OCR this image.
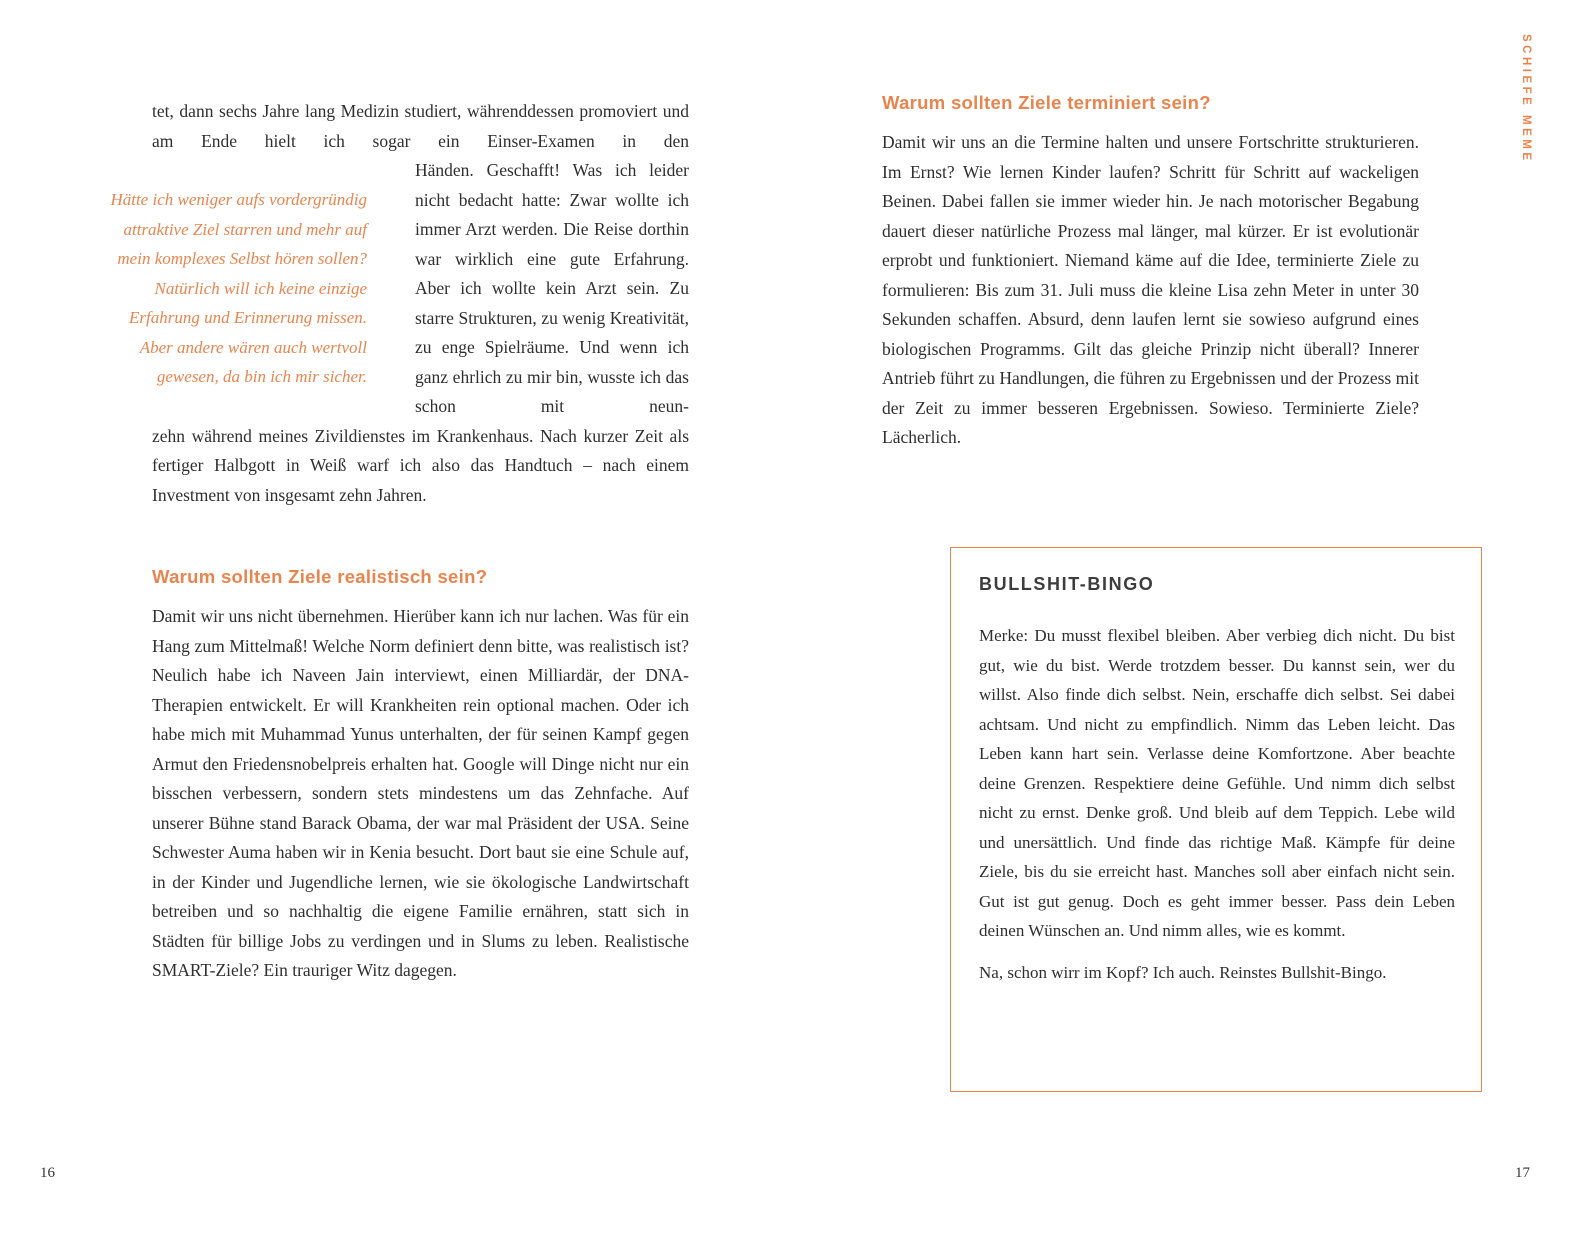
tet, dann sechs Jahre lang Medizin studiert, währenddessen promoviert und am Ende hielt ich sogar ein Einser-Examen in den

Hätte ich weniger aufs vordergründig attraktive Ziel starren und mehr auf mein komplexes Selbst hören sollen? Natürlich will ich keine einzige Erfahrung und Erinnerung missen. Aber andere wären auch wertvoll gewesen, da bin ich mir sicher.
Händen. Geschafft! Was ich leider nicht bedacht hatte: Zwar wollte ich immer Arzt werden. Die Reise dorthin war wirklich eine gute Erfahrung. Aber ich wollte kein Arzt sein. Zu starre Strukturen, zu wenig Kreativität, zu enge Spielräume. Und wenn ich ganz ehrlich zu mir bin, wusste ich das schon mit neun-

zehn während meines Zivildienstes im Krankenhaus. Nach kurzer Zeit als fertiger Halbgott in Weiß warf ich also das Handtuch – nach einem Investment von insgesamt zehn Jahren.

Warum sollten Ziele realistisch sein?

Damit wir uns nicht übernehmen. Hierüber kann ich nur lachen. Was für ein Hang zum Mittelmaß! Welche Norm definiert denn bitte, was realistisch ist? Neulich habe ich Naveen Jain interviewt, einen Milliardär, der DNA-Therapien entwickelt. Er will Krankheiten rein optional machen. Oder ich habe mich mit Muhammad Yunus unterhalten, der für seinen Kampf gegen Armut den Friedensnobelpreis erhalten hat. Google will Dinge nicht nur ein bisschen verbessern, sondern stets mindestens um das Zehnfache. Auf unserer Bühne stand Barack Obama, der war mal Präsident der USA. Seine Schwester Auma haben wir in Kenia besucht. Dort baut sie eine Schule auf, in der Kinder und Jugendliche lernen, wie sie ökologische Landwirtschaft betreiben und so nachhaltig die eigene Familie ernähren, statt sich in Städten für billige Jobs zu verdingen und in Slums zu leben. Realistische SMART-Ziele? Ein trauriger Witz dagegen.

16
SCHIEFE MEME
Warum sollten Ziele terminiert sein?

Damit wir uns an die Termine halten und unsere Fortschritte strukturieren. Im Ernst? Wie lernen Kinder laufen? Schritt für Schritt auf wackeligen Beinen. Dabei fallen sie immer wieder hin. Je nach motorischer Begabung dauert dieser natürliche Prozess mal länger, mal kürzer. Er ist evolutionär erprobt und funktioniert. Niemand käme auf die Idee, terminierte Ziele zu formulieren: Bis zum 31. Juli muss die kleine Lisa zehn Meter in unter 30 Sekunden schaffen. Absurd, denn laufen lernt sie sowieso aufgrund eines biologischen Programms. Gilt das gleiche Prinzip nicht überall? Innerer Antrieb führt zu Handlungen, die führen zu Ergebnissen und der Prozess mit der Zeit zu immer besseren Ergebnissen. Sowieso. Terminierte Ziele? Lächerlich.

BULLSHIT-BINGO

Merke: Du musst flexibel bleiben. Aber verbieg dich nicht. Du bist gut, wie du bist. Werde trotzdem besser. Du kannst sein, wer du willst. Also finde dich selbst. Nein, erschaffe dich selbst. Sei dabei achtsam. Und nicht zu empfindlich. Nimm das Leben leicht. Das Leben kann hart sein. Verlasse deine Komfortzone. Aber beachte deine Grenzen. Respektiere deine Gefühle. Und nimm dich selbst nicht zu ernst. Denke groß. Und bleib auf dem Teppich. Lebe wild und unersättlich. Und finde das richtige Maß. Kämpfe für deine Ziele, bis du sie erreicht hast. Manches soll aber einfach nicht sein. Gut ist gut genug. Doch es geht immer besser. Pass dein Leben deinen Wünschen an. Und nimm alles, wie es kommt.

Na, schon wirr im Kopf? Ich auch. Reinstes Bullshit-Bingo.

17
